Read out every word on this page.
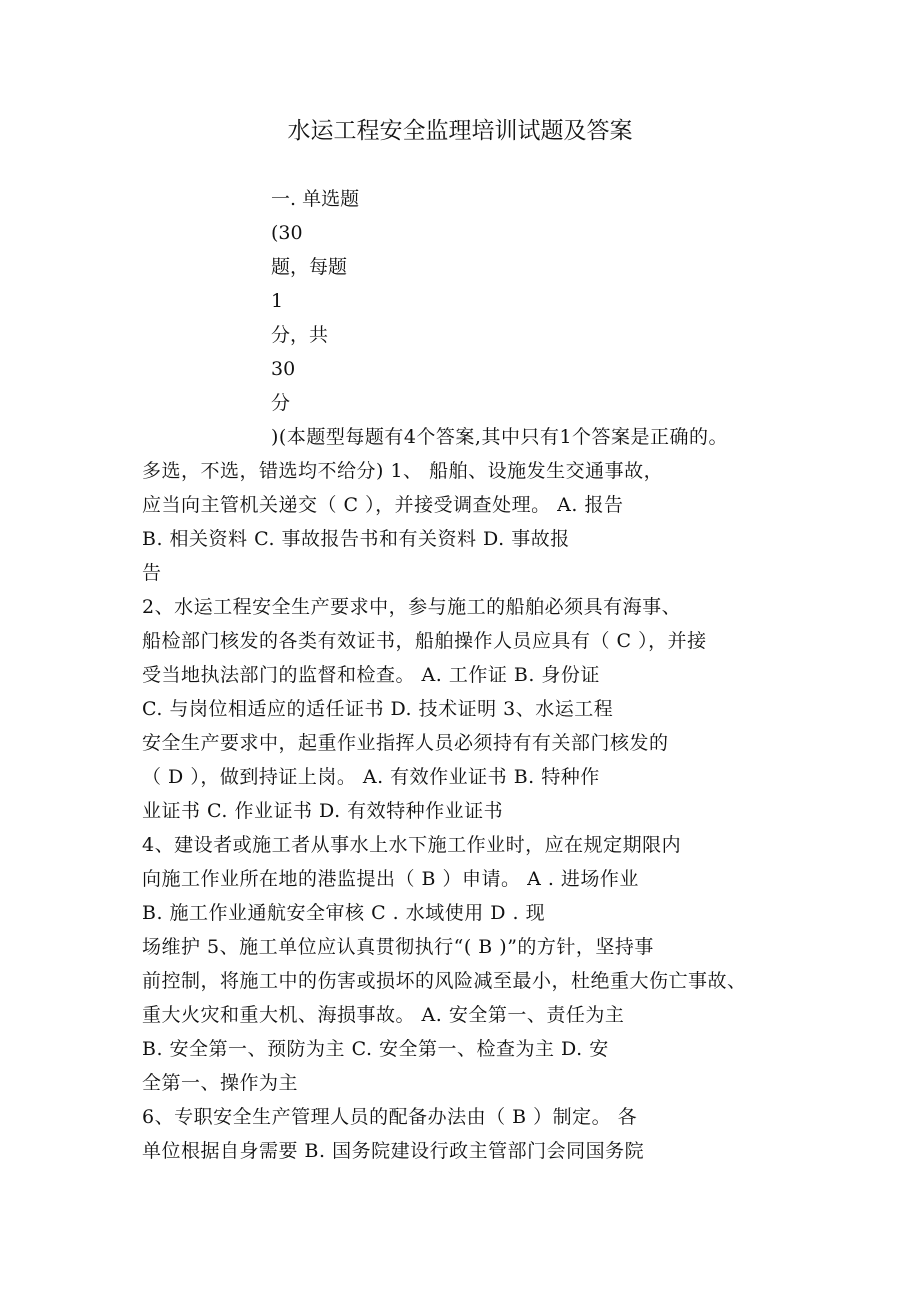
水运工程安全监理培训试题及答案
一. 单选题
(30
题，每题
1
分，共
30
分
)(本题型每题有4个答案,其中只有1个答案是正确的。
多选，不选，错选均不给分) 1、 船舶、设施发生交通事故，
应当向主管机关递交（ C ），并接受调查处理。 A. 报告
B. 相关资料 C. 事故报告书和有关资料 D. 事故报
告
2、水运工程安全生产要求中，参与施工的船舶必须具有海事、
船检部门核发的各类有效证书，船舶操作人员应具有（ C ），并接
受当地执法部门的监督和检查。 A. 工作证 B. 身份证
C. 与岗位相适应的适任证书 D. 技术证明 3、水运工程
安全生产要求中，起重作业指挥人员必须持有有关部门核发的
（ D ），做到持证上岗。 A. 有效作业证书 B. 特种作
业证书 C. 作业证书 D. 有效特种作业证书
4、建设者或施工者从事水上水下施工作业时，应在规定期限内
向施工作业所在地的港监提出（ B ）申请。 A . 进场作业
B. 施工作业通航安全审核 C . 水域使用 D . 现
场维护 5、施工单位应认真贯彻执行“( B )”的方针，坚持事
前控制，将施工中的伤害或损坏的风险减至最小，杜绝重大伤亡事故、
重大火灾和重大机、海损事故。 A. 安全第一、责任为主
B. 安全第一、预防为主 C. 安全第一、检查为主 D. 安
全第一、操作为主
6、专职安全生产管理人员的配备办法由（ B ）制定。 各
单位根据自身需要 B. 国务院建设行政主管部门会同国务院
